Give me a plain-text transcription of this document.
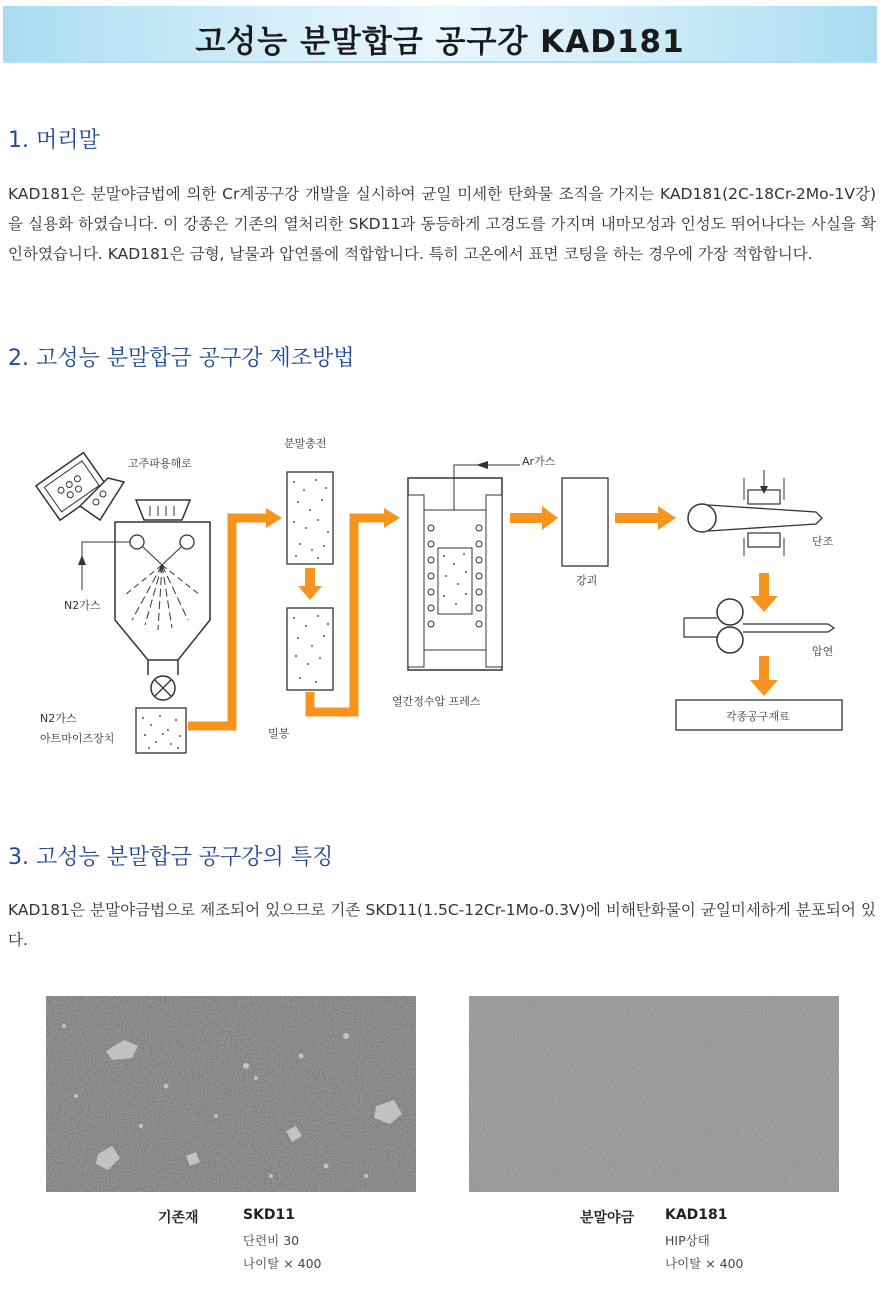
고성능 분말합금 공구강 KAD181
1. 머리말
KAD181은 분말야금법에 의한 Cr계공구강 개발을 실시하여 균일 미세한 탄화물 조직을 가지는 KAD181(2C-18Cr-2Mo-1V강)을 실용화 하였습니다. 이 강종은 기존의 열처리한 SKD11과 동등하게 고경도를 가지며 내마모성과 인성도 뛰어나다는 사실을 확인하였습니다. KAD181은 금형, 날물과 압연롤에 적합합니다. 특히 고온에서 표면 코팅을 하는 경우에 가장 적합합니다.
2. 고성능 분말합금 공구강 제조방법
고주파용해로
N2가스
N2가스
아트마이즈장치
분말충전
밀봉
Ar가스
열간정수압 프레스
강괴
단조
압연
각종공구재료
3. 고성능 분말합금 공구강의 특징
KAD181은 분말야금법으로 제조되어 있으므로 기존 SKD11(1.5C-12Cr-1Mo-0.3V)에 비해탄화물이 균일미세하게 분포되어 있다.
기존재	SKD11
단련비 30
나이탈 × 400
분말야금 KAD181
HIP상태
나이탈 × 400
